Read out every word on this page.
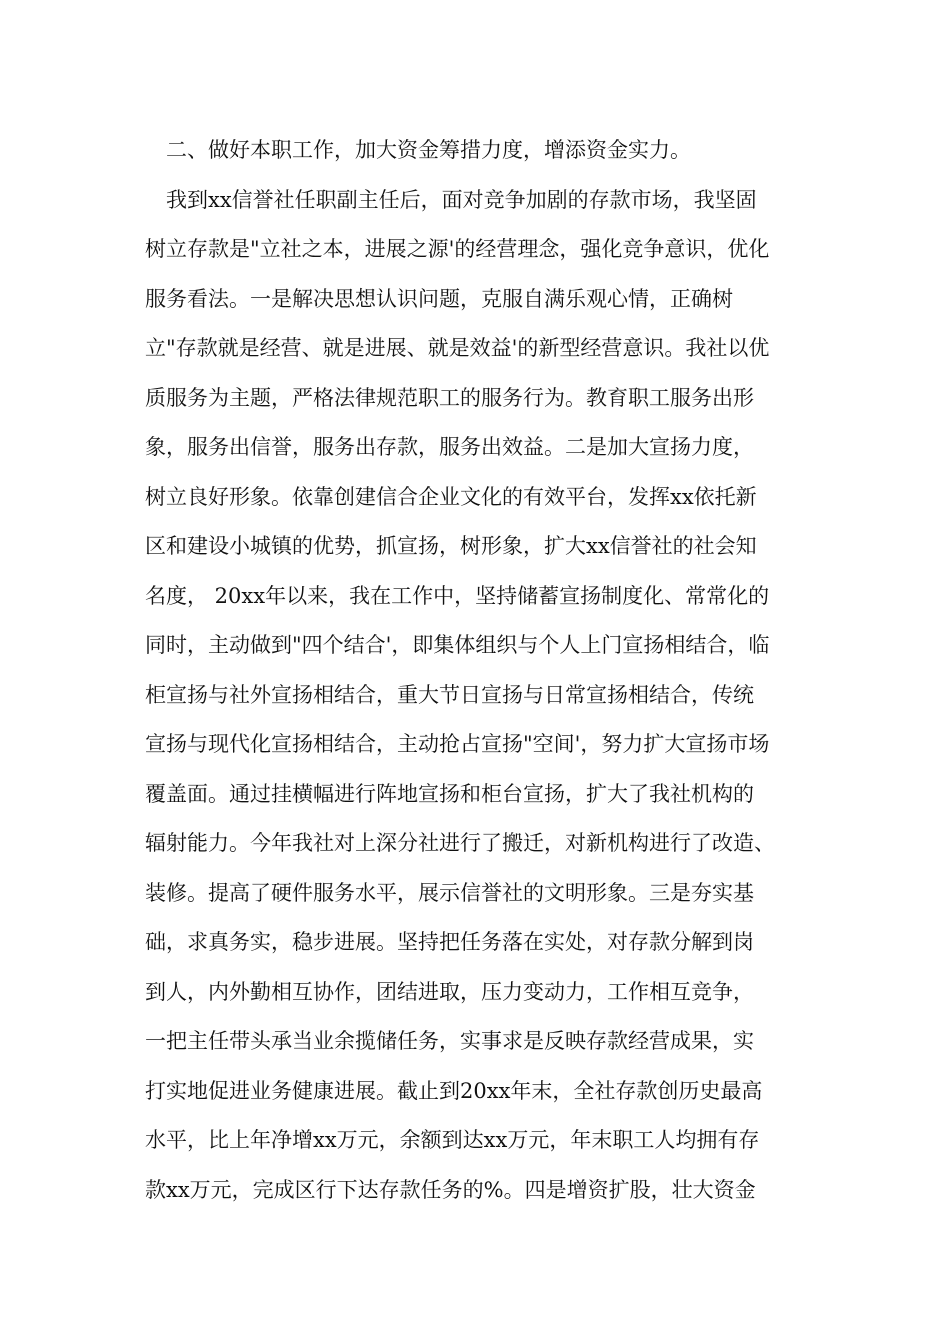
　二、做好本职工作，加大资金筹措力度，增添资金实力。
　我到xx信誉社任职副主任后，面对竞争加剧的存款市场，我坚固
树立存款是"立社之本，进展之源'的经营理念，强化竞争意识，优化
服务看法。一是解决思想认识问题，克服自满乐观心情，正确树
立"存款就是经营、就是进展、就是效益'的新型经营意识。我社以优
质服务为主题，严格法律规范职工的服务行为。教育职工服务出形
象，服务出信誉，服务出存款，服务出效益。二是加大宣扬力度，
树立良好形象。依靠创建信合企业文化的有效平台，发挥xx依托新
区和建设小城镇的优势，抓宣扬，树形象，扩大xx信誉社的社会知
名度， 20xx年以来，我在工作中，坚持储蓄宣扬制度化、常常化的
同时，主动做到"四个结合'，即集体组织与个人上门宣扬相结合，临
柜宣扬与社外宣扬相结合，重大节日宣扬与日常宣扬相结合，传统
宣扬与现代化宣扬相结合，主动抢占宣扬"空间'，努力扩大宣扬市场
覆盖面。通过挂横幅进行阵地宣扬和柜台宣扬，扩大了我社机构的
辐射能力。今年我社对上深分社进行了搬迁，对新机构进行了改造、
装修。提高了硬件服务水平，展示信誉社的文明形象。三是夯实基
础，求真务实，稳步进展。坚持把任务落在实处，对存款分解到岗
到人，内外勤相互协作，团结进取，压力变动力，工作相互竞争，
一把主任带头承当业余揽储任务，实事求是反映存款经营成果，实
打实地促进业务健康进展。截止到20xx年末，全社存款创历史最高
水平，比上年净增xx万元，余额到达xx万元，年末职工人均拥有存
款xx万元，完成区行下达存款任务的%。四是增资扩股，壮大资金
